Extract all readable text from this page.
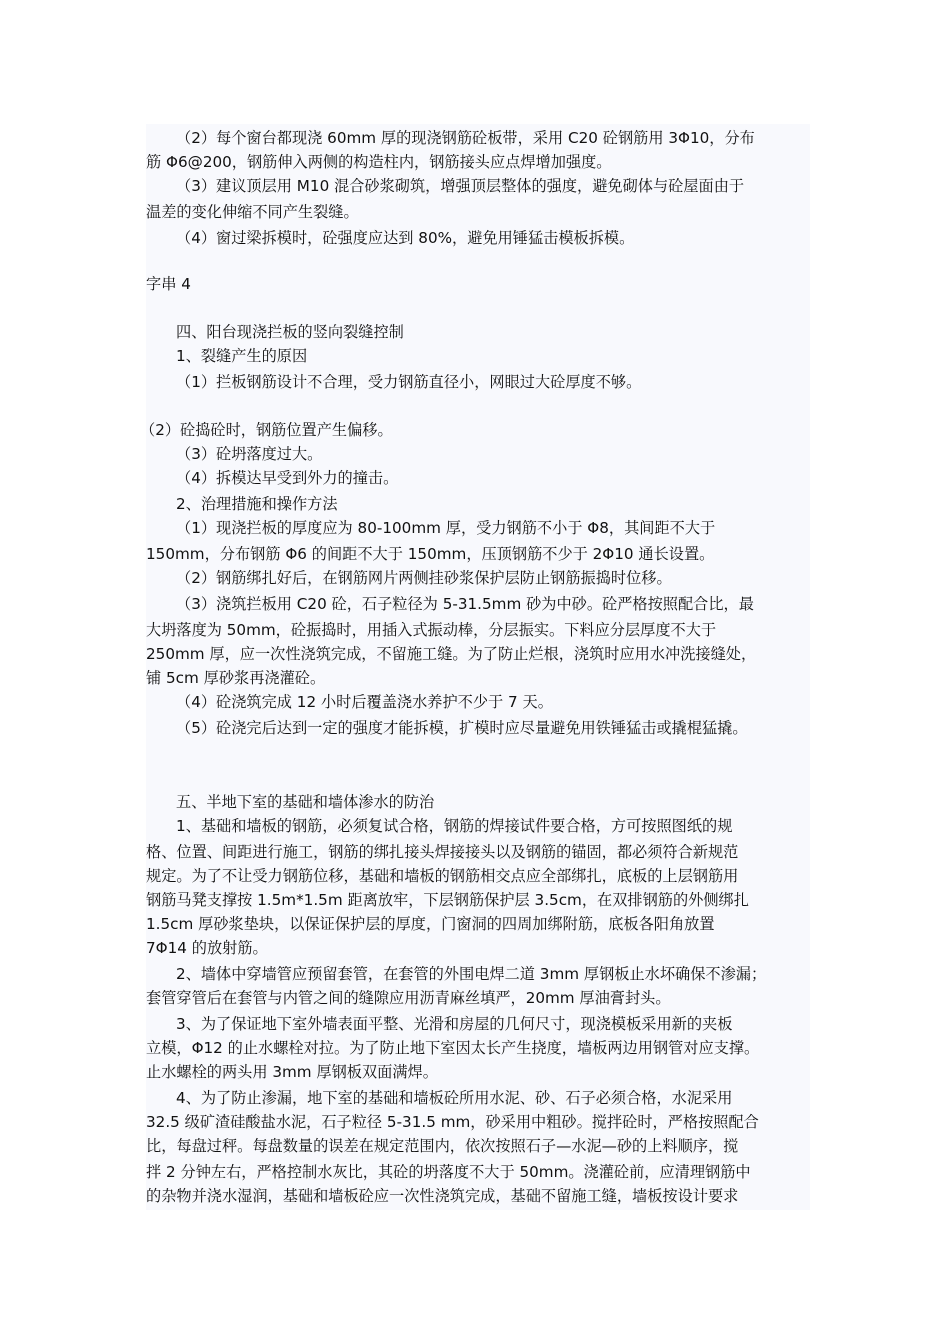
（2）每个窗台都现浇 60mm 厚的现浇钢筋砼板带，采用 C20 砼钢筋用 3Φ10，分布
筋 Φ6@200，钢筋伸入两侧的构造柱内，钢筋接头应点焊增加强度。
（3）建议顶层用 M10 混合砂浆砌筑，增强顶层整体的强度，避免砌体与砼屋面由于
温差的变化伸缩不同产生裂缝。
（4）窗过梁拆模时，砼强度应达到 80%，避免用锤猛击模板拆模。
字串 4
四、阳台现浇拦板的竖向裂缝控制
1、裂缝产生的原因
（1）拦板钢筋设计不合理，受力钢筋直径小，网眼过大砼厚度不够。
（2）砼捣砼时，钢筋位置产生偏移。
（3）砼坍落度过大。
（4）拆模达早受到外力的撞击。
2、治理措施和操作方法
（1）现浇拦板的厚度应为 80-100mm 厚，受力钢筋不小于 Φ8，其间距不大于
150mm，分布钢筋 Φ6 的间距不大于 150mm，压顶钢筋不少于 2Φ10 通长设置。
（2）钢筋绑扎好后，在钢筋网片两侧挂砂浆保护层防止钢筋振捣时位移。
（3）浇筑拦板用 C20 砼，石子粒径为 5-31.5mm 砂为中砂。砼严格按照配合比，最
大坍落度为 50mm，砼振捣时，用插入式振动棒，分层振实。下料应分层厚度不大于
250mm 厚，应一次性浇筑完成，不留施工缝。为了防止烂根，浇筑时应用水冲洗接缝处，
铺 5cm 厚砂浆再浇灌砼。
（4）砼浇筑完成 12 小时后覆盖浇水养护不少于 7 天。
（5）砼浇完后达到一定的强度才能拆模，扩模时应尽量避免用铁锤猛击或撬棍猛撬。
五、半地下室的基础和墙体渗水的防治
1、基础和墙板的钢筋，必须复试合格，钢筋的焊接试件要合格，方可按照图纸的规
格、位置、间距进行施工，钢筋的绑扎接头焊接接头以及钢筋的锚固，都必须符合新规范
规定。为了不让受力钢筋位移，基础和墙板的钢筋相交点应全部绑扎，底板的上层钢筋用
钢筋马凳支撑按 1.5m*1.5m 距离放牢，下层钢筋保护层 3.5cm，在双排钢筋的外侧绑扎
1.5cm 厚砂浆垫块，以保证保护层的厚度，门窗洞的四周加绑附筋，底板各阳角放置
7Φ14 的放射筋。
2、墙体中穿墙管应预留套管，在套管的外围电焊二道 3mm 厚钢板止水坏确保不渗漏；
套管穿管后在套管与内管之间的缝隙应用沥青麻丝填严，20mm 厚油膏封头。
3、为了保证地下室外墙表面平整、光滑和房屋的几何尺寸，现浇模板采用新的夹板
立模，Φ12 的止水螺栓对拉。为了防止地下室因太长产生挠度，墙板两边用钢管对应支撑。
止水螺栓的两头用 3mm 厚钢板双面满焊。
4、为了防止渗漏，地下室的基础和墙板砼所用水泥、砂、石子必须合格，水泥采用
32.5 级矿渣硅酸盐水泥，石子粒径 5-31.5 mm，砂采用中粗砂。搅拌砼时，严格按照配合
比，每盘过秤。每盘数量的误差在规定范围内，依次按照石子—水泥—砂的上料顺序，搅
拌 2 分钟左右，严格控制水灰比，其砼的坍落度不大于 50mm。浇灌砼前，应清理钢筋中
的杂物并浇水湿润，基础和墙板砼应一次性浇筑完成，基础不留施工缝，墙板按设计要求
